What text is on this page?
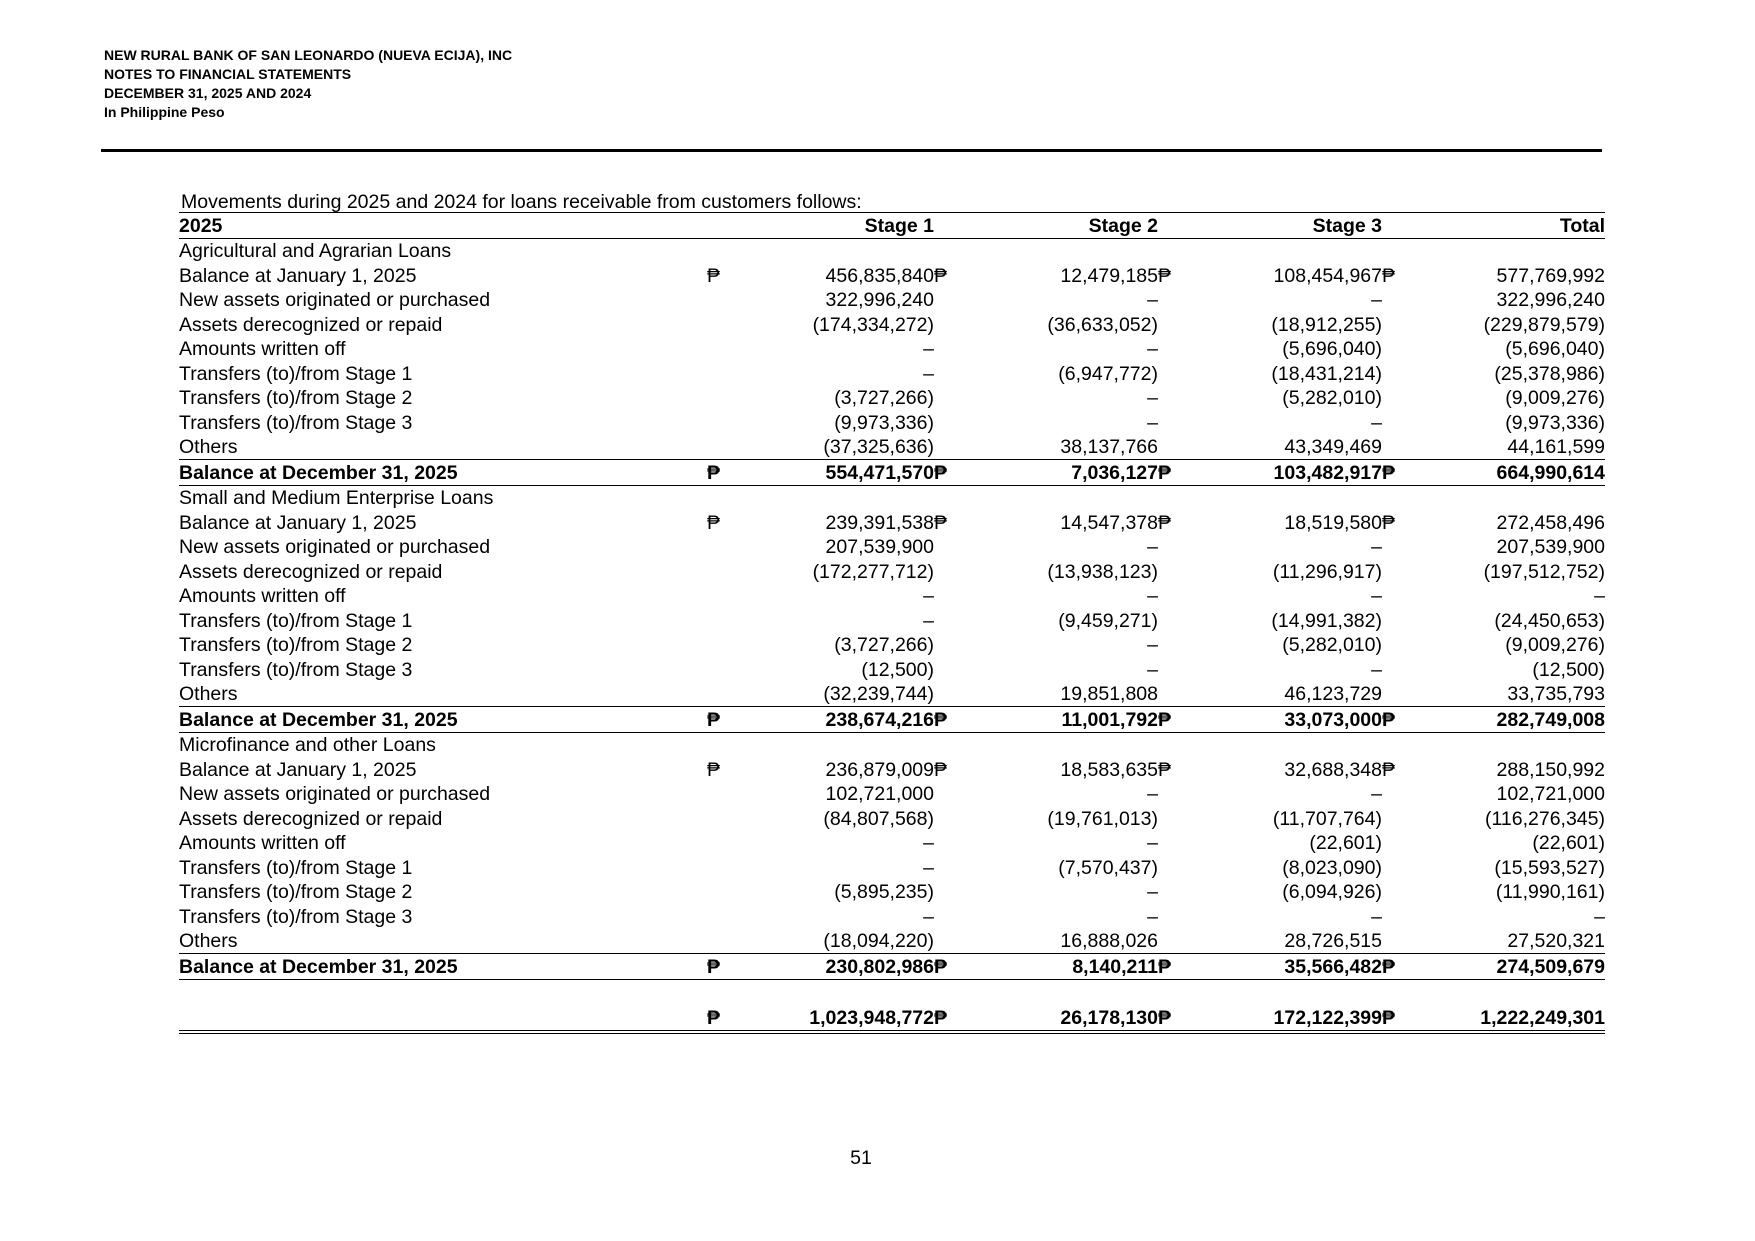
NEW RURAL BANK OF SAN LEONARDO (NUEVA ECIJA), INC
NOTES TO FINANCIAL STATEMENTS
DECEMBER 31, 2025 AND 2024
In Philippine Peso
Movements during 2025 and 2024 for loans receivable from customers follows:
2025		Stage 1		Stage 2		Stage 3		Total
Agricultural and Agrarian Loans								
Balance at January 1, 2025	₱	456,835,840	₱	12,479,185	₱	108,454,967	₱	577,769,992
New assets originated or purchased		322,996,240		–		–		322,996,240
Assets derecognized or repaid		(174,334,272)		(36,633,052)		(18,912,255)		(229,879,579)
Amounts written off		–		–		(5,696,040)		(5,696,040)
Transfers (to)/from Stage 1		–		(6,947,772)		(18,431,214)		(25,378,986)
Transfers (to)/from Stage 2		(3,727,266)		–		(5,282,010)		(9,009,276)
Transfers (to)/from Stage 3		(9,973,336)		–		–		(9,973,336)
Others		(37,325,636)		38,137,766		43,349,469		44,161,599
Balance at December 31, 2025	₱	554,471,570	₱	7,036,127	₱	103,482,917	₱	664,990,614
Small and Medium Enterprise Loans								
Balance at January 1, 2025	₱	239,391,538	₱	14,547,378	₱	18,519,580	₱	272,458,496
New assets originated or purchased		207,539,900		–		–		207,539,900
Assets derecognized or repaid		(172,277,712)		(13,938,123)		(11,296,917)		(197,512,752)
Amounts written off		–		–		–		–
Transfers (to)/from Stage 1		–		(9,459,271)		(14,991,382)		(24,450,653)
Transfers (to)/from Stage 2		(3,727,266)		–		(5,282,010)		(9,009,276)
Transfers (to)/from Stage 3		(12,500)		–		–		(12,500)
Others		(32,239,744)		19,851,808		46,123,729		33,735,793
Balance at December 31, 2025	₱	238,674,216	₱	11,001,792	₱	33,073,000	₱	282,749,008
Microfinance and other Loans								
Balance at January 1, 2025	₱	236,879,009	₱	18,583,635	₱	32,688,348	₱	288,150,992
New assets originated or purchased		102,721,000		–		–		102,721,000
Assets derecognized or repaid		(84,807,568)		(19,761,013)		(11,707,764)		(116,276,345)
Amounts written off		–		–		(22,601)		(22,601)
Transfers (to)/from Stage 1		–		(7,570,437)		(8,023,090)		(15,593,527)
Transfers (to)/from Stage 2		(5,895,235)		–		(6,094,926)		(11,990,161)
Transfers (to)/from Stage 3		–		–		–		–
Others		(18,094,220)		16,888,026		28,726,515		27,520,321
Balance at December 31, 2025	₱	230,802,986	₱	8,140,211	₱	35,566,482	₱	274,509,679

	₱	1,023,948,772	₱	26,178,130	₱	172,122,399	₱	1,222,249,301
51
